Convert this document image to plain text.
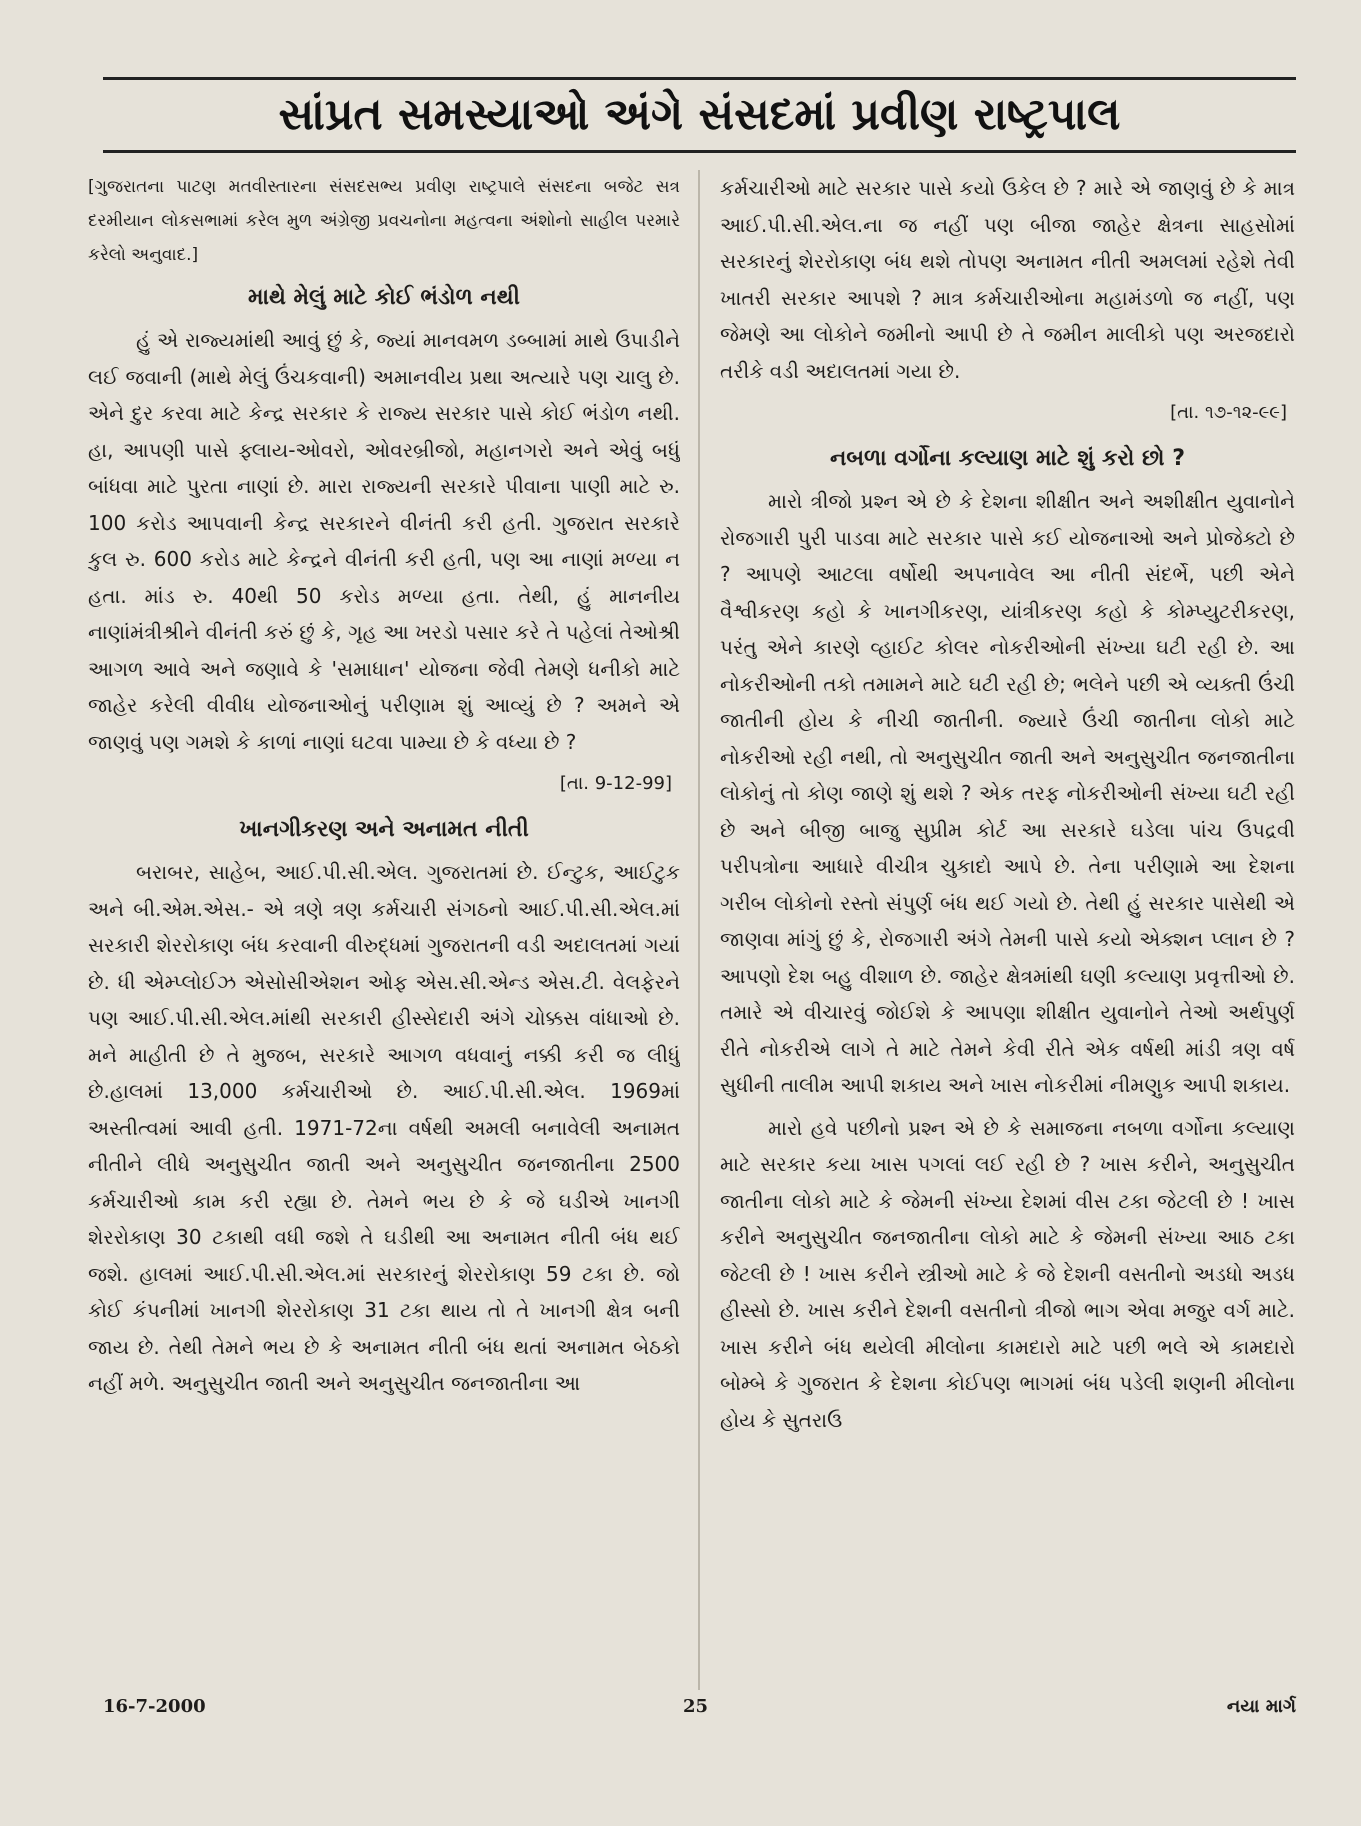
સાંપ્રત સમસ્યાઓ અંગે સંસદમાં પ્રવીણ રાષ્ટ્રપાલ

[ગુજરાતના પાટણ મતવીસ્તારના સંસદસભ્ય પ્રવીણ રાષ્ટ્રપાલે સંસદના બજેટ સત્ર દરમીયાન લોકસભામાં કરેલ મુળ અંગ્રેજી પ્રવચનોના મહત્વના અંશોનો સાહીલ પરમારે કરેલો અનુવાદ.]

માથે મેલું માટે કોઈ ભંડોળ નથી

હું એ રાજ્યમાંથી આવું છું કે, જ્યાં માનવમળ ડબ્બામાં માથે ઉપાડીને લઈ જવાની (માથે મેલું ઉંચકવાની) અમાનવીય પ્રથા અત્યારે પણ ચાલુ છે. એને દુર કરવા માટે કેન્દ્ર સરકાર કે રાજ્ય સરકાર પાસે કોઈ ભંડોળ નથી. હા, આપણી પાસે ફ્લાય-ઓવરો, ઓવરબ્રીજો, મહાનગરો અને એવું બધું બાંધવા માટે પુરતા નાણાં છે. મારા રાજ્યની સરકારે પીવાના પાણી માટે રુ. 100 કરોડ આપવાની કેન્દ્ર સરકારને વીનંતી કરી હતી. ગુજરાત સરકારે કુલ રુ. 600 કરોડ માટે કેન્દ્રને વીનંતી કરી હતી, પણ આ નાણાં મળ્યા ન હતા. માંડ રુ. 40થી 50 કરોડ મળ્યા હતા. તેથી, હું માનનીય નાણાંમંત્રીશ્રીને વીનંતી કરું છું કે, ગૃહ આ ખરડો પસાર કરે તે પહેલાં તેઓશ્રી આગળ આવે અને જણાવે કે 'સમાધાન' યોજના જેવી તેમણે ધનીકો માટે જાહેર કરેલી વીવીધ યોજનાઓનું પરીણામ શું આવ્યું છે ? અમને એ જાણવું પણ ગમશે કે કાળાં નાણાં ઘટવા પામ્યા છે કે વધ્યા છે ?

[તા. 9-12-99]
ખાનગીકરણ અને અનામત નીતી

બરાબર, સાહેબ, આઈ.પી.સી.એલ. ગુજરાતમાં છે. ઈન્ટુક, આઈટુક અને બી.એમ.એસ.- એ ત્રણે ત્રણ કર્મચારી સંગઠનો આઈ.પી.સી.એલ.માં સરકારી શેરરોકાણ બંધ કરવાની વીરુદ્ધમાં ગુજરાતની વડી અદાલતમાં ગયાં છે. ધી એમ્પ્લોઈઝ એસોસીએશન ઓફ એસ.સી.એન્ડ એસ.ટી. વેલફેરને પણ આઈ.પી.સી.એલ.માંથી સરકારી હીસ્સેદારી અંગે ચોક્કસ વાંધાઓ છે. મને માહીતી છે તે મુજબ, સરકારે આગળ વધવાનું નક્કી કરી જ લીધું છે.હાલમાં 13,000 કર્મચારીઓ છે. આઈ.પી.સી.એલ. 1969માં અસ્તીત્વમાં આવી હતી. 1971-72ના વર્ષથી અમલી બનાવેલી અનામત નીતીને લીધે અનુસુચીત જાતી અને અનુસુચીત જનજાતીના 2500 કર્મચારીઓ કામ કરી રહ્યા છે. તેમને ભય છે કે જે ઘડીએ ખાનગી શેરરોકાણ 30 ટકાથી વધી જશે તે ઘડીથી આ અનામત નીતી બંધ થઈ જશે. હાલમાં આઈ.પી.સી.એલ.માં સરકારનું શેરરોકાણ 59 ટકા છે. જો કોઈ કંપનીમાં ખાનગી શેરરોકાણ 31 ટકા થાય તો તે ખાનગી ક્ષેત્ર બની જાય છે. તેથી તેમને ભય છે કે અનામત નીતી બંધ થતાં અનામત બેઠકો નહીં મળે. અનુસુચીત જાતી અને અનુસુચીત જનજાતીના આ

કર્મચારીઓ માટે સરકાર પાસે કયો ઉકેલ છે ? મારે એ જાણવું છે કે માત્ર આઈ.પી.સી.એલ.ના જ નહીં પણ બીજા જાહેર ક્ષેત્રના સાહસોમાં સરકારનું શેરરોકાણ બંધ થશે તોપણ અનામત નીતી અમલમાં રહેશે તેવી ખાતરી સરકાર આપશે ? માત્ર કર્મચારીઓના મહામંડળો જ નહીં, પણ જેમણે આ લોકોને જમીનો આપી છે તે જમીન માલીકો પણ અરજદારો તરીકે વડી અદાલતમાં ગયા છે.

[તા. ૧૭-૧૨-૯૯]
નબળા વર્ગોના કલ્યાણ માટે શું કરો છો ?

મારો ત્રીજો પ્રશ્ન એ છે કે દેશના શીક્ષીત અને અશીક્ષીત યુવાનોને રોજગારી પુરી પાડવા માટે સરકાર પાસે કઈ યોજનાઓ અને પ્રોજેક્ટો છે ? આપણે આટલા વર્ષોથી અપનાવેલ આ નીતી સંદર્ભે, પછી એને વૈશ્વીકરણ કહો કે ખાનગીકરણ, યાંત્રીકરણ કહો કે કોમ્પ્યુટરીકરણ, પરંતુ એને કારણે વ્હાઈટ કોલર નોકરીઓની સંખ્યા ઘટી રહી છે. આ નોકરીઓની તકો તમામને માટે ઘટી રહી છે; ભલેને પછી એ વ્યક્તી ઉંચી જાતીની હોય કે નીચી જાતીની. જ્યારે ઉંચી જાતીના લોકો માટે નોકરીઓ રહી નથી, તો અનુસુચીત જાતી અને અનુસુચીત જનજાતીના લોકોનું તો કોણ જાણે શું થશે ? એક તરફ નોકરીઓની સંખ્યા ઘટી રહી છે અને બીજી બાજુ સુપ્રીમ કોર્ટ આ સરકારે ઘડેલા પાંચ ઉપદ્રવી પરીપત્રોના આધારે વીચીત્ર ચુકાદો આપે છે. તેના પરીણામે આ દેશના ગરીબ લોકોનો રસ્તો સંપુર્ણ બંધ થઈ ગયો છે. તેથી હું સરકાર પાસેથી એ જાણવા માંગું છું કે, રોજગારી અંગે તેમની પાસે કયો એક્શન પ્લાન છે ? આપણો દેશ બહુ વીશાળ છે. જાહેર ક્ષેત્રમાંથી ઘણી કલ્યાણ પ્રવૃત્તીઓ છે. તમારે એ વીચારવું જોઈશે કે આપણા શીક્ષીત યુવાનોને તેઓ અર્થપુર્ણ રીતે નોકરીએ લાગે તે માટે તેમને કેવી રીતે એક વર્ષથી માંડી ત્રણ વર્ષ સુધીની તાલીમ આપી શકાય અને ખાસ નોકરીમાં નીમણુક આપી શકાય.

મારો હવે પછીનો પ્રશ્ન એ છે કે સમાજના નબળા વર્ગોના કલ્યાણ માટે સરકાર કયા ખાસ પગલાં લઈ રહી છે ? ખાસ કરીને, અનુસુચીત જાતીના લોકો માટે કે જેમની સંખ્યા દેશમાં વીસ ટકા જેટલી છે ! ખાસ કરીને અનુસુચીત જનજાતીના લોકો માટે કે જેમની સંખ્યા આઠ ટકા જેટલી છે ! ખાસ કરીને સ્ત્રીઓ માટે કે જે દેશની વસતીનો અડધો અડધ હીસ્સો છે. ખાસ કરીને દેશની વસતીનો ત્રીજો ભાગ એવા મજુર વર્ગ માટે. ખાસ કરીને બંધ થયેલી મીલોના કામદારો માટે પછી ભલે એ કામદારો બોમ્બે કે ગુજરાત કે દેશના કોઈપણ ભાગમાં બંધ પડેલી શણની મીલોના હોય કે સુતરાઉ

16-7-2000	25	નયા માર્ગ
